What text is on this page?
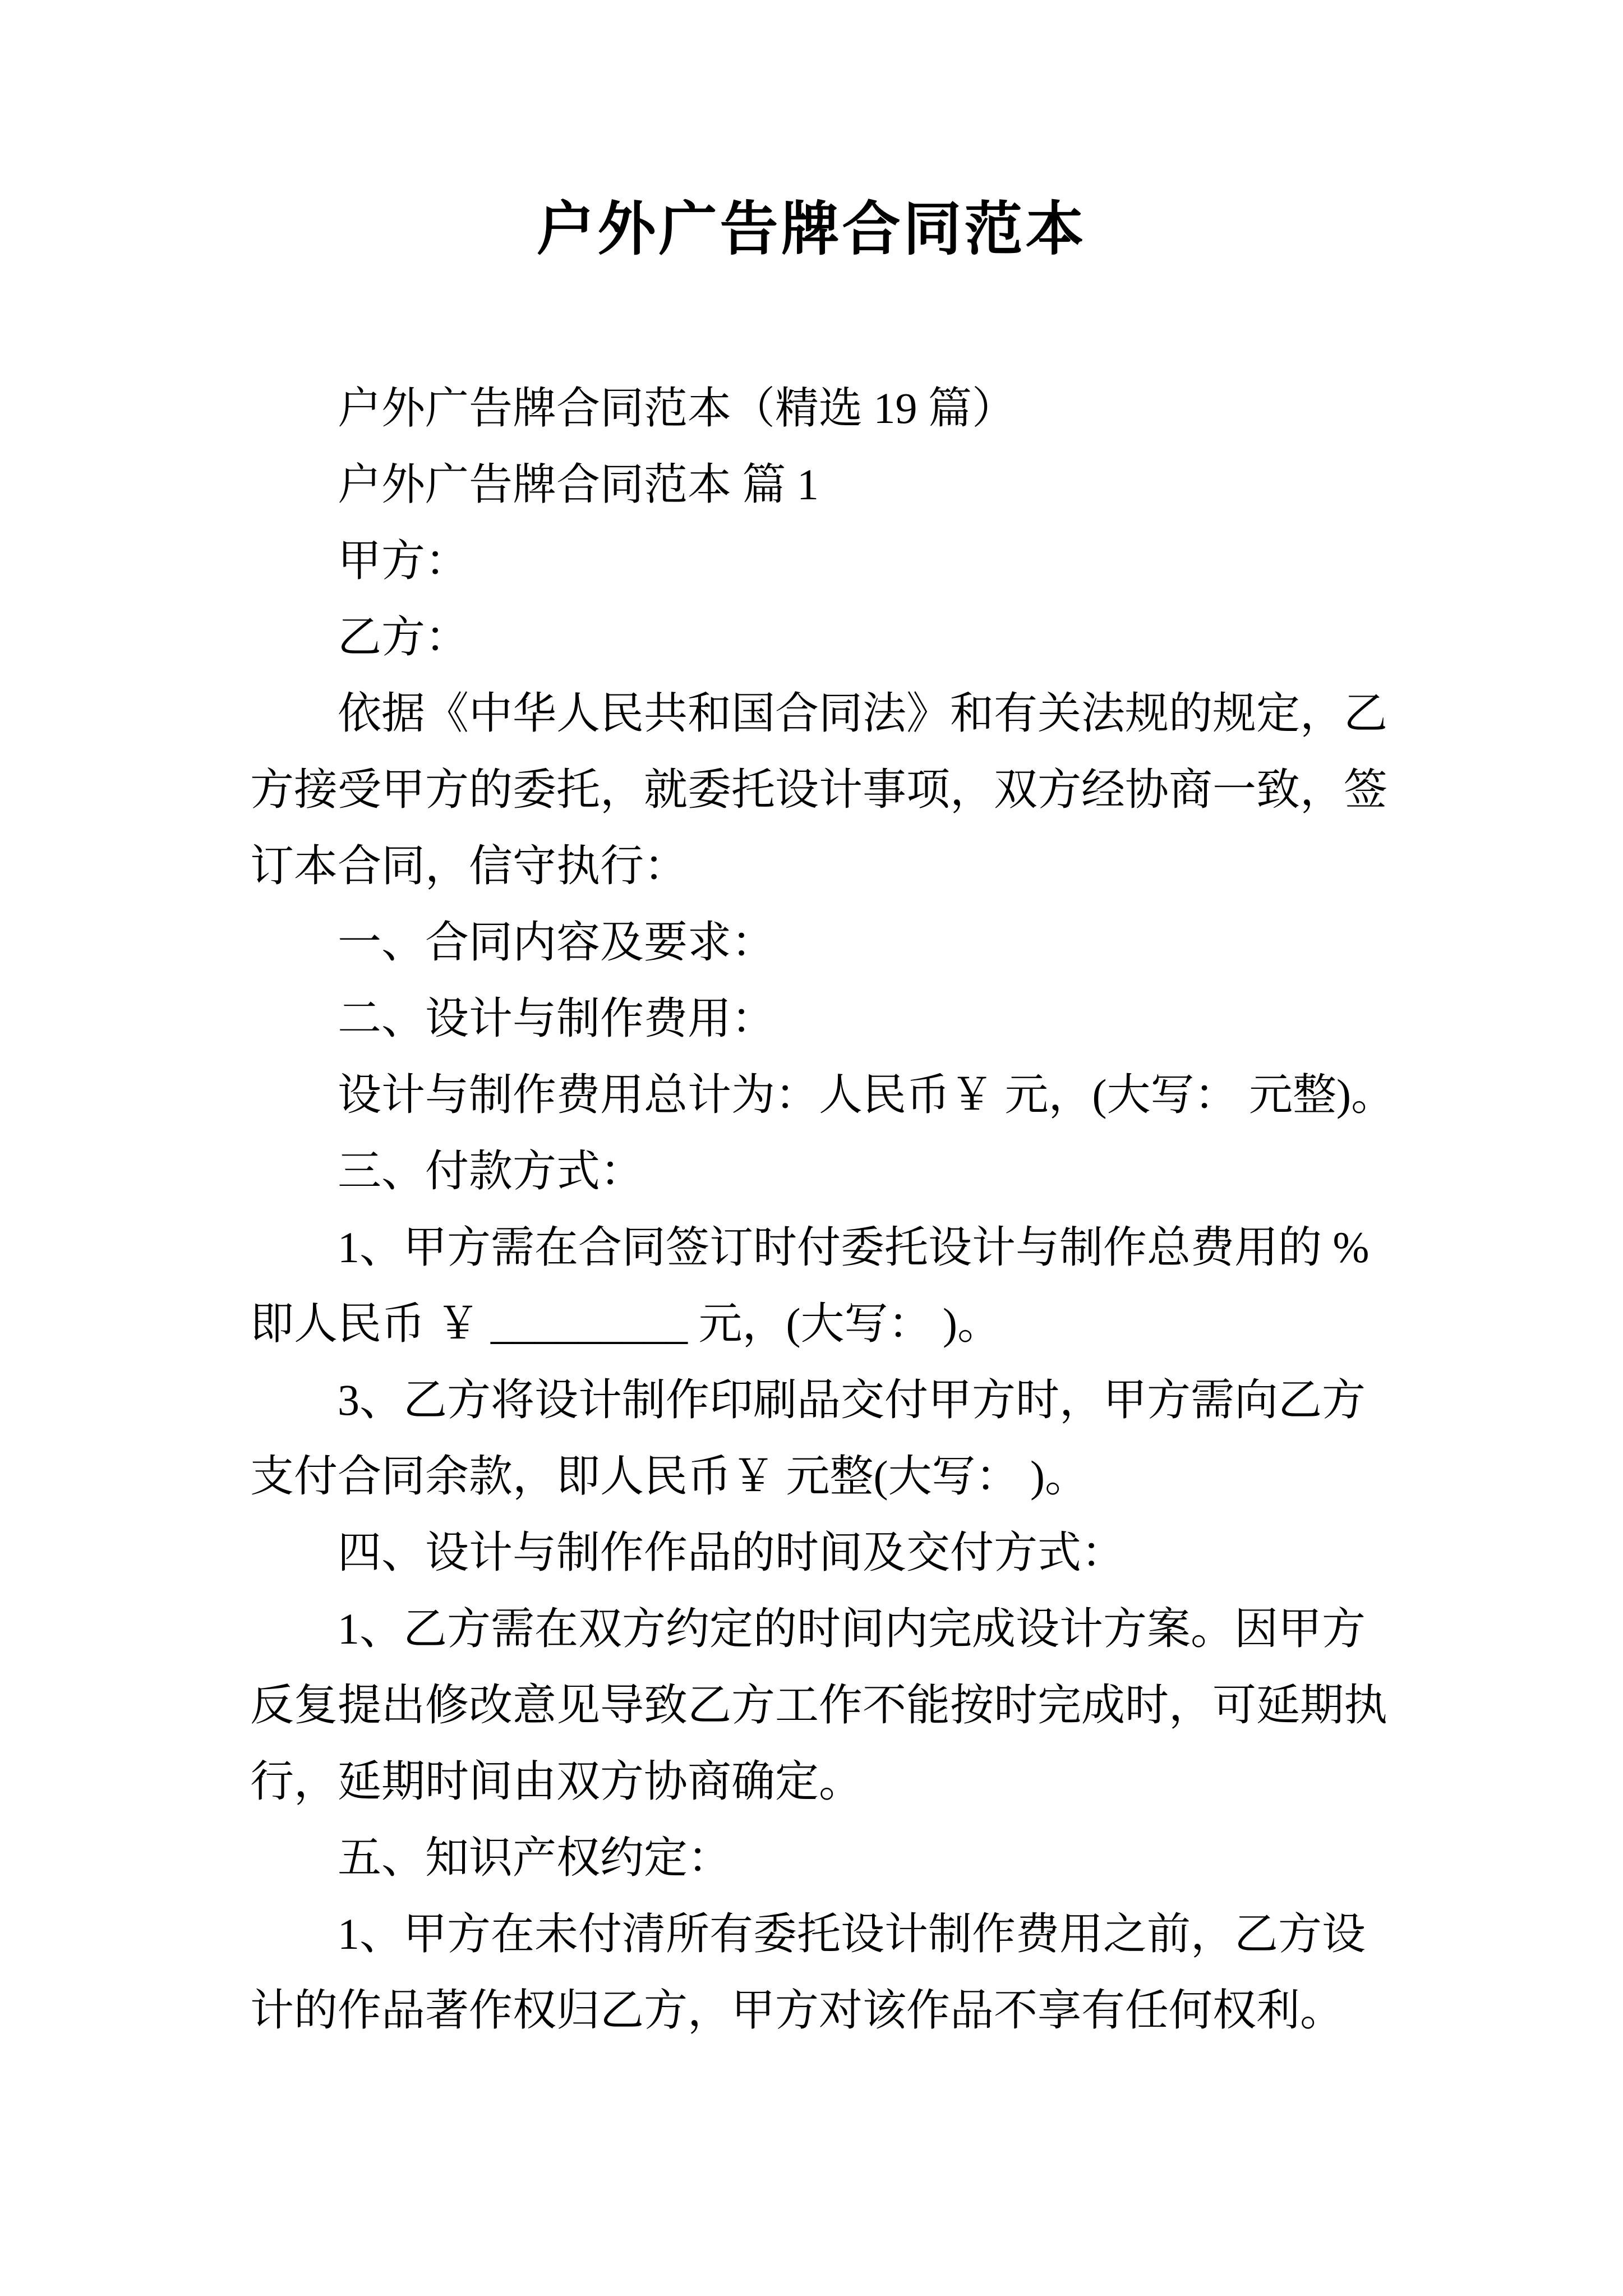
户外广告牌合同范本
户外广告牌合同范本（精选 19 篇）
户外广告牌合同范本 篇 1
甲方：
乙方：
依据《中华人民共和国合同法》和有关法规的规定，乙
方接受甲方的委托，就委托设计事项，双方经协商一致，签
订本合同，信守执行：
一、合同内容及要求：
二、设计与制作费用：
设计与制作费用总计为：人民币￥ 元，(大写： 元整)。
三、付款方式：
1、甲方需在合同签订时付委托设计与制作总费用的 %
即人民币 ￥ _________ 元，(大写： )。
3、乙方将设计制作印刷品交付甲方时，甲方需向乙方
支付合同余款，即人民币￥ 元整(大写： )。
四、设计与制作作品的时间及交付方式：
1、乙方需在双方约定的时间内完成设计方案。因甲方
反复提出修改意见导致乙方工作不能按时完成时，可延期执
行，延期时间由双方协商确定。
五、知识产权约定：
1、甲方在未付清所有委托设计制作费用之前，乙方设
计的作品著作权归乙方，甲方对该作品不享有任何权利。
